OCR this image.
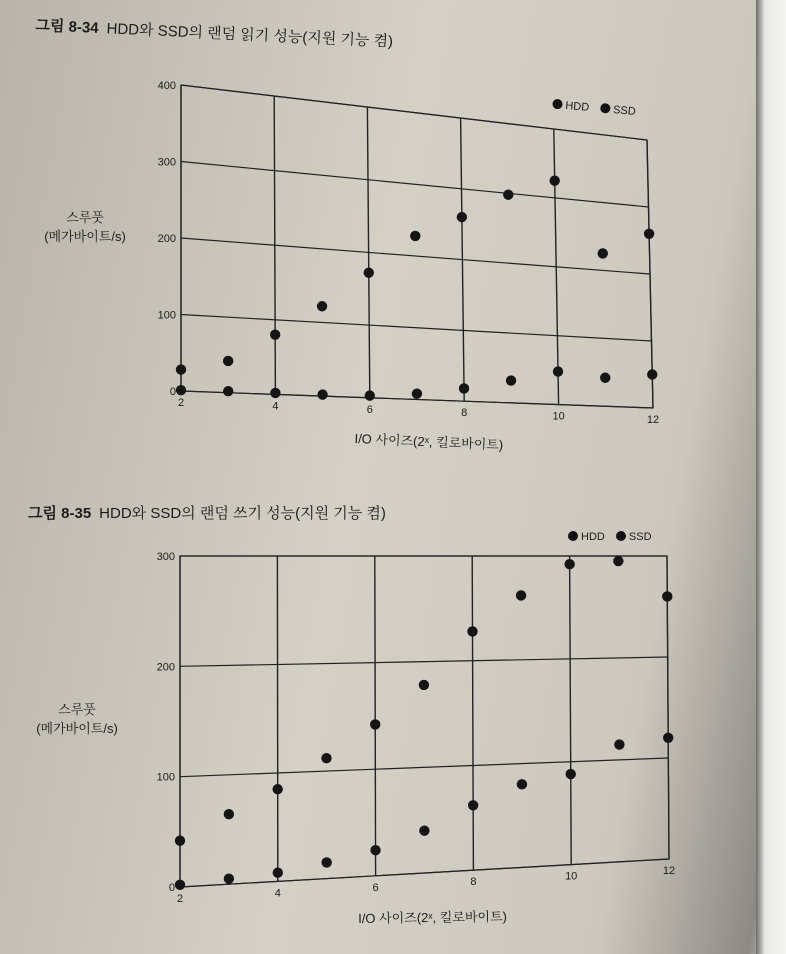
그림 8-34 HDD와 SSD의 랜덤 읽기 성능(지원 기능 켬)
스루풋
(메가바이트/s)
I/O 사이즈(2ˣ, 킬로바이트)
HDD SSD
0
100
200
300
400
2	4	6	8	10	12
그림 8-35 HDD와 SSD의 랜덤 쓰기 성능(지원 기능 켬)
스루풋
(메가바이트/s)
I/O 사이즈(2ˣ, 킬로바이트)
HDD SSD
0
100
200
300
2	4	6	8	10	12
